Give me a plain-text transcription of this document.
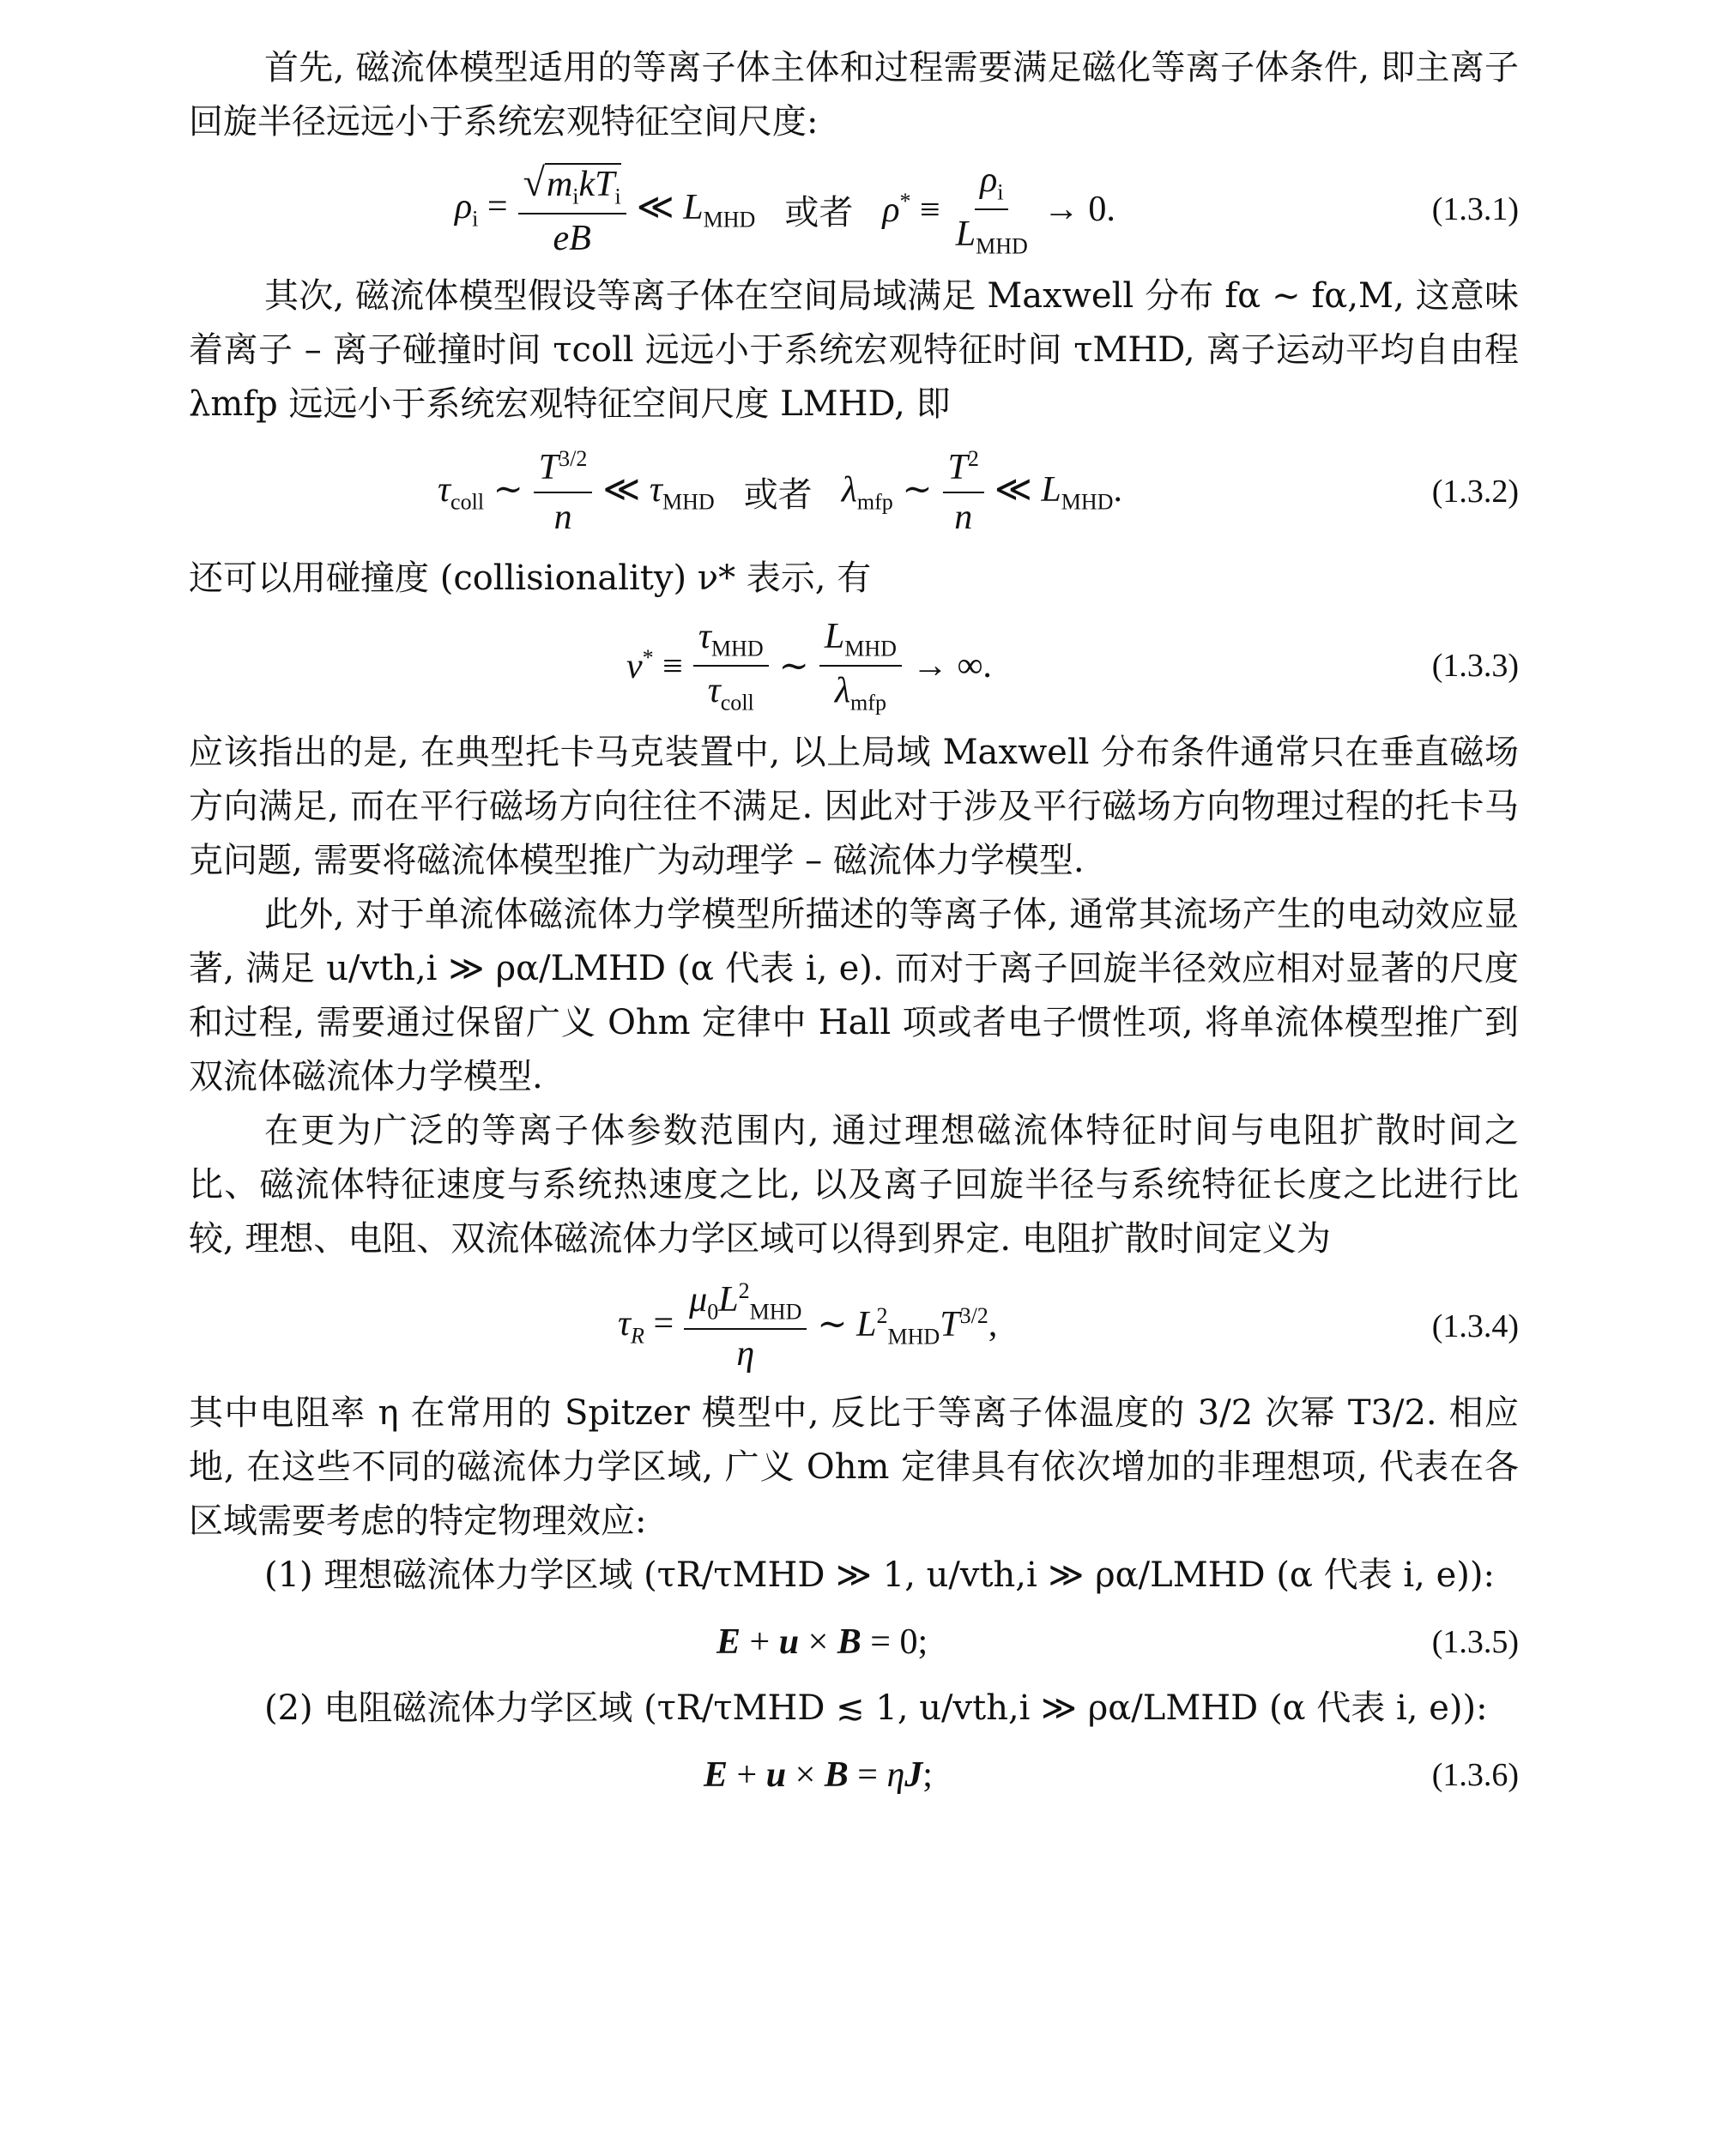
首先, 磁流体模型适用的等离子体主体和过程需要满足磁化等离子体条件, 即主离子回旋半径远远小于系统宏观特征空间尺度:

$\rho_i = \frac{√m_ikT_i}{eB}$ ≪ $L_{MHD}$ 或者 $\rho^* \equiv \frac{\rho_i}{L_{MHD}} \to 0$.	(1.3.1)

其次, 磁流体模型假设等离子体在空间局域满足 Maxwell 分布 fα ∼ fα,M, 这意味着离子 – 离子碰撞时间 τcoll 远远小于系统宏观特征时间 τMHD, 离子运动平均自由程 λmfp 远远小于系统宏观特征空间尺度 LMHD, 即

$\tau_{coll}$ ∼ $\frac{T^{3/2}}{n}$ ≪ $\tau_{MHD}$ 或者 $\lambda_{mfp}$ ∼ $\frac{T^2}{n}$ ≪ $L_{MHD}$.	(1.3.2)

还可以用碰撞度 (collisionality) ν* 表示, 有

$\nu^* \equiv \frac{\tau_{MHD}}{\tau_{coll}}$ ∼ $\frac{L_{MHD}}{\lambda_{mfp}}$ → ∞.	(1.3.3)

应该指出的是, 在典型托卡马克装置中, 以上局域 Maxwell 分布条件通常只在垂直磁场方向满足, 而在平行磁场方向往往不满足. 因此对于涉及平行磁场方向物理过程的托卡马克问题, 需要将磁流体模型推广为动理学 – 磁流体力学模型.

此外, 对于单流体磁流体力学模型所描述的等离子体, 通常其流场产生的电动效应显著, 满足 u/vth,i ≫ ρα/LMHD (α 代表 i, e). 而对于离子回旋半径效应相对显著的尺度和过程, 需要通过保留广义 Ohm 定律中 Hall 项或者电子惯性项, 将单流体模型推广到双流体磁流体力学模型.

在更为广泛的等离子体参数范围内, 通过理想磁流体特征时间与电阻扩散时间之比、磁流体特征速度与系统热速度之比, 以及离子回旋半径与系统特征长度之比进行比较, 理想、电阻、双流体磁流体力学区域可以得到界定. 电阻扩散时间定义为

$\tau_R = \frac{\mu_0L^2_{MHD}}{\eta}$ ∼ $L^2_{MHD}T^{3/2}$,	(1.3.4)

其中电阻率 η 在常用的 Spitzer 模型中, 反比于等离子体温度的 3/2 次幂 T3/2. 相应地, 在这些不同的磁流体力学区域, 广义 Ohm 定律具有依次增加的非理想项, 代表在各区域需要考虑的特定物理效应:

(1) 理想磁流体力学区域 (τR/τMHD ≫ 1, u/vth,i ≫ ρα/LMHD (α 代表 i, e)):

E + u × B = 0;	(1.3.5)

(2) 电阻磁流体力学区域 (τR/τMHD ≲ 1, u/vth,i ≫ ρα/LMHD (α 代表 i, e)):

E + u × B = ηJ;	(1.3.6)
